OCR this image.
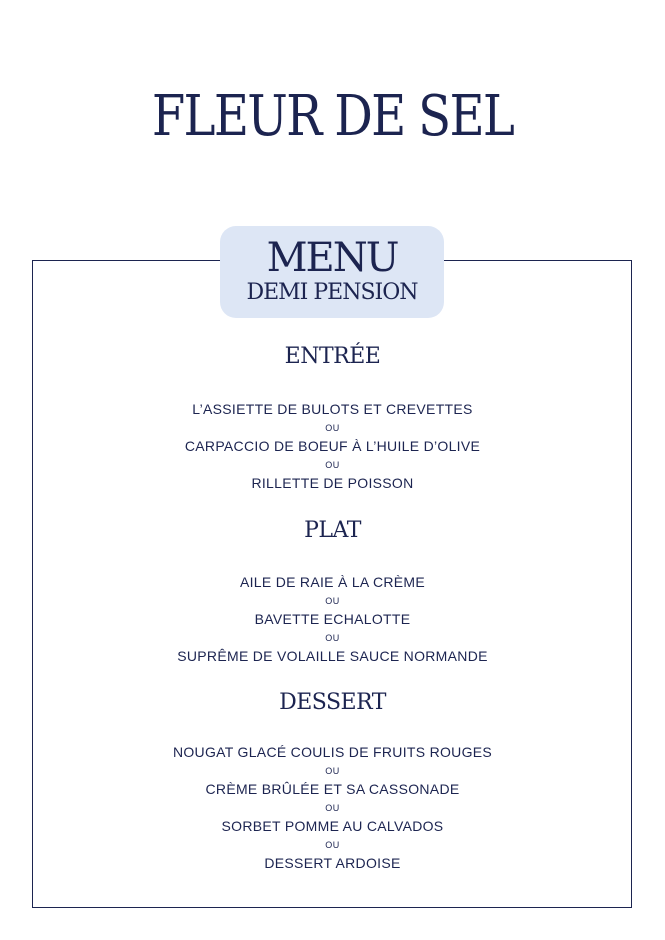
FLEUR DE SEL
MENU
DEMI PENSION
ENTRÉE
L’ASSIETTE DE BULOTS ET CREVETTES
OU
CARPACCIO DE BOEUF À L’HUILE D’OLIVE
OU
RILLETTE DE POISSON
PLAT
AILE DE RAIE À LA CRÈME
OU
BAVETTE ECHALOTTE
OU
SUPRÊME DE VOLAILLE SAUCE NORMANDE
DESSERT
NOUGAT GLACÉ COULIS DE FRUITS ROUGES
OU
CRÈME BRÛLÉE ET SA CASSONADE
OU
SORBET POMME AU CALVADOS
OU
DESSERT ARDOISE
